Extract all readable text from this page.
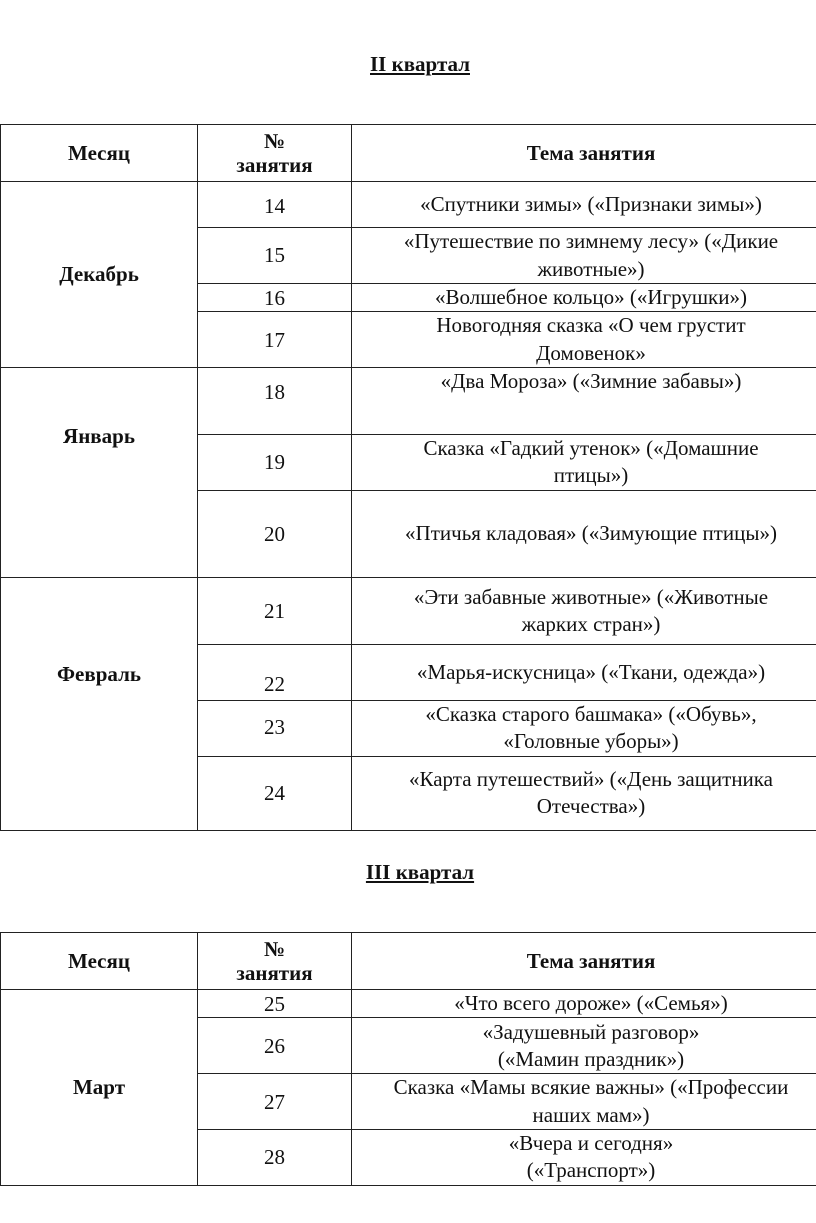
II квартал
Месяц	№
занятия	Тема занятия
Декабрь	14	«Спутники зимы» («Признаки зимы»)
	15	«Путешествие по зимнему лесу» («Дикие
животные»)
	16	«Волшебное кольцо» («Игрушки»)
	17	Новогодняя сказка «О чем грустит
Домовенок»
Январь	18	«Два Мороза» («Зимние забавы»)
	19	Сказка «Гадкий утенок» («Домашние
птицы»)
	20	«Птичья кладовая» («Зимующие птицы»)
Февраль	21	«Эти забавные животные» («Животные
жарких стран»)
	22	«Марья-искусница» («Ткани, одежда»)
	23	«Сказка старого башмака» («Обувь»,
«Головные уборы»)
	24	«Карта путешествий» («День защитника
Отечества»)
III квартал
Месяц	№
занятия	Тема занятия
Март	25	«Что всего дороже» («Семья»)
	26	«Задушевный разговор»
(«Мамин праздник»)
	27	Сказка «Мамы всякие важны» («Профессии
наших мам»)
	28	«Вчера и сегодня»
(«Транспорт»)
